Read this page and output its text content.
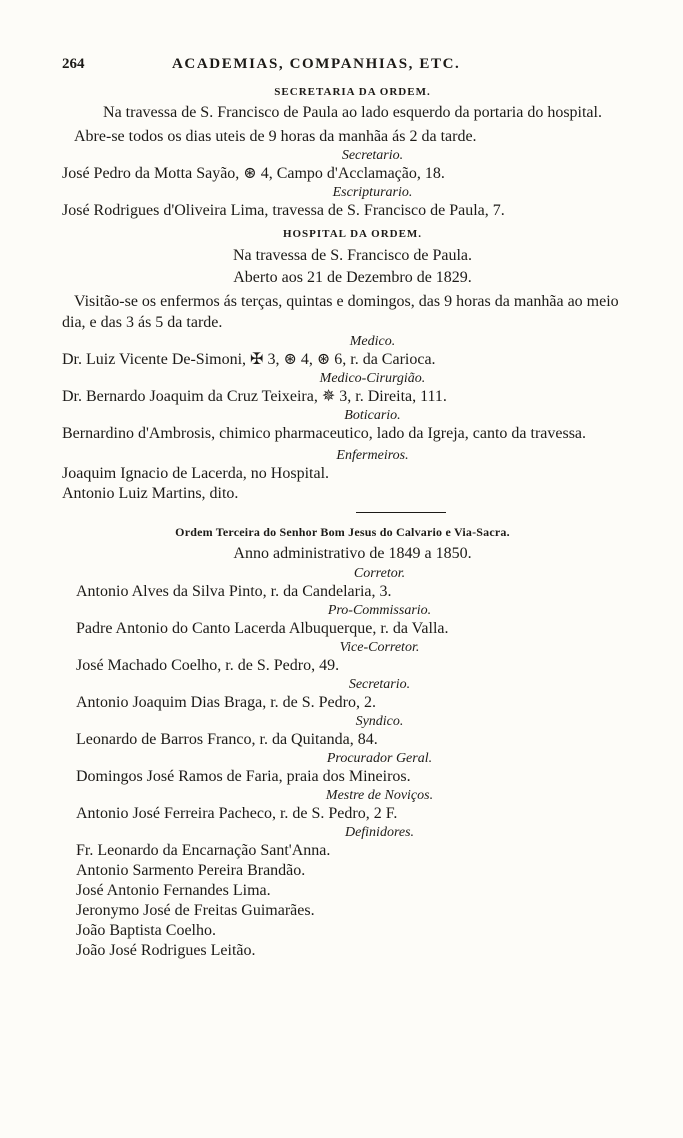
264	ACADEMIAS, COMPANHIAS, ETC.
SECRETARIA DA ORDEM.

Na travessa de S. Francisco de Paula ao lado esquerdo da portaria do hospital.

Abre-se todos os dias uteis de 9 horas da manhãa ás 2 da tarde.

Secretario.

José Pedro da Motta Sayão, ⊛ 4, Campo d'Acclamação, 18.

Escripturario.

José Rodrigues d'Oliveira Lima, travessa de S. Francisco de Paula, 7.

HOSPITAL DA ORDEM.
Na travessa de S. Francisco de Paula.
Aberto aos 21 de Dezembro de 1829.

Visitão-se os enfermos ás terças, quintas e domingos, das 9 horas da manhãa ao meio dia, e das 3 ás 5 da tarde.

Medico.

Dr. Luiz Vicente De-Simoni, ✠ 3, ⊛ 4, ⊛ 6, r. da Carioca.

Medico-Cirurgião.

Dr. Bernardo Joaquim da Cruz Teixeira, ✵ 3, r. Direita, 111.

Boticario.

Bernardino d'Ambrosis, chimico pharmaceutico, lado da Igreja, canto da travessa.

Enfermeiros.

Joaquim Ignacio de Lacerda, no Hospital.

Antonio Luiz Martins, dito.

Ordem Terceira do Senhor Bom Jesus do Calvario e Via-Sacra.
Anno administrativo de 1849 a 1850.
Corretor.

Antonio Alves da Silva Pinto, r. da Candelaria, 3.

Pro-Commissario.

Padre Antonio do Canto Lacerda Albuquerque, r. da Valla.

Vice-Corretor.

José Machado Coelho, r. de S. Pedro, 49.

Secretario.

Antonio Joaquim Dias Braga, r. de S. Pedro, 2.

Syndico.

Leonardo de Barros Franco, r. da Quitanda, 84.

Procurador Geral.

Domingos José Ramos de Faria, praia dos Mineiros.

Mestre de Noviços.

Antonio José Ferreira Pacheco, r. de S. Pedro, 2 F.

Definidores.

Fr. Leonardo da Encarnação Sant'Anna.

Antonio Sarmento Pereira Brandão.

José Antonio Fernandes Lima.

Jeronymo José de Freitas Guimarães.

João Baptista Coelho.

João José Rodrigues Leitão.
